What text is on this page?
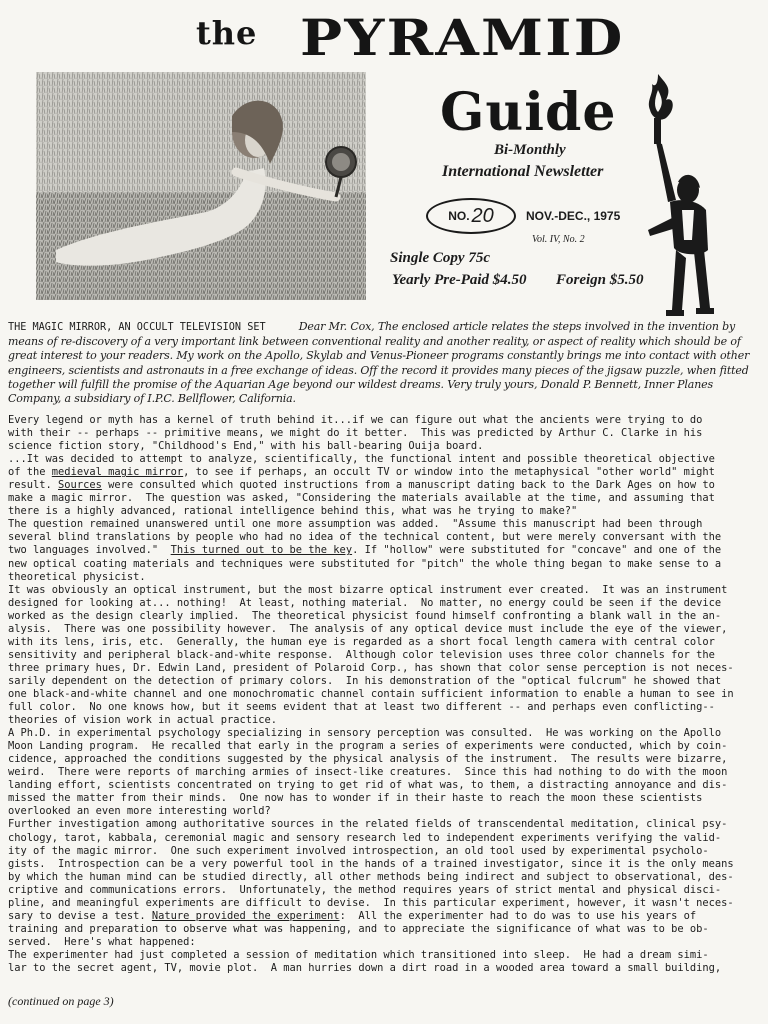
the PYRAMID
Guide
Bi-Monthly
International Newsletter
NO. 20	NOV.-DEC., 1975
Vol. IV, No. 2
Single Copy 75c
Yearly Pre-Paid $4.50 Foreign $5.50
THE MAGIC MIRROR, AN OCCULT TELEVISION SET	Dear Mr. Cox, The enclosed article relates the steps involved in the invention by means of re-discovery of a very important link between conventional reality and another reality, or aspect of reality which should be of great interest to your readers. My work on the Apollo, Skylab and Venus-Pioneer programs constantly brings me into contact with other engineers, scientists and astronauts in a free exchange of ideas. Off the record it provides many pieces of the jigsaw puzzle, when fitted together will fulfill the promise of the Aquarian Age beyond our wildest dreams. Very truly yours, Donald P. Bennett, Inner Planes Company, a subsidiary of I.P.C. Bellflower, California.
Every legend or myth has a kernel of truth behind it...if we can figure out what the ancients were trying to do
with their -- perhaps -- primitive means, we might do it better.  This was predicted by Arthur C. Clarke in his
science fiction story, "Childhood's End," with his ball-bearing Ouija board.
...It was decided to attempt to analyze, scientifically, the functional intent and possible theoretical objective
of the medieval magic mirror, to see if perhaps, an occult TV or window into the metaphysical "other world" might
result. Sources were consulted which quoted instructions from a manuscript dating back to the Dark Ages on how to
make a magic mirror.  The question was asked, "Considering the materials available at the time, and assuming that
there is a highly advanced, rational intelligence behind this, what was he trying to make?"
The question remained unanswered until one more assumption was added.  "Assume this manuscript had been through
several blind translations by people who had no idea of the technical content, but were merely conversant with the
two languages involved."  This turned out to be the key. If "hollow" were substituted for "concave" and one of the
new optical coating materials and techniques were substituted for "pitch" the whole thing began to make sense to a
theoretical physicist.
It was obviously an optical instrument, but the most bizarre optical instrument ever created.  It was an instrument
designed for looking at... nothing!  At least, nothing material.  No matter, no energy could be seen if the device
worked as the design clearly implied.  The theoretical physicist found himself confronting a blank wall in the an-
alysis.  There was one possibility however.  The analysis of any optical device must include the eye of the viewer,
with its lens, iris, etc.  Generally, the human eye is regarded as a short focal length camera with central color
sensitivity and peripheral black-and-white response.  Although color television uses three color channels for the
three primary hues, Dr. Edwin Land, president of Polaroid Corp., has shown that color sense perception is not neces-
sarily dependent on the detection of primary colors.  In his demonstration of the "optical fulcrum" he showed that
one black-and-white channel and one monochromatic channel contain sufficient information to enable a human to see in
full color.  No one knows how, but it seems evident that at least two different -- and perhaps even conflicting--
theories of vision work in actual practice.
A Ph.D. in experimental psychology specializing in sensory perception was consulted.  He was working on the Apollo
Moon Landing program.  He recalled that early in the program a series of experiments were conducted, which by coin-
cidence, approached the conditions suggested by the physical analysis of the instrument.  The results were bizarre,
weird.  There were reports of marching armies of insect-like creatures.  Since this had nothing to do with the moon
landing effort, scientists concentrated on trying to get rid of what was, to them, a distracting annoyance and dis-
missed the matter from their minds.  One now has to wonder if in their haste to reach the moon these scientists
overlooked an even more interesting world?
Further investigation among authoritative sources in the related fields of transcendental meditation, clinical psy-
chology, tarot, kabbala, ceremonial magic and sensory research led to independent experiments verifying the valid-
ity of the magic mirror.  One such experiment involved introspection, an old tool used by experimental psycholo-
gists.  Introspection can be a very powerful tool in the hands of a trained investigator, since it is the only means
by which the human mind can be studied directly, all other methods being indirect and subject to observational, des-
criptive and communications errors.  Unfortunately, the method requires years of strict mental and physical disci-
pline, and meaningful experiments are difficult to devise.  In this particular experiment, however, it wasn't neces-
sary to devise a test. Nature provided the experiment:  All the experimenter had to do was to use his years of
training and preparation to observe what was happening, and to appreciate the significance of what was to be ob-
served.  Here's what happened:
The experimenter had just completed a session of meditation which transitioned into sleep.  He had a dream simi-
lar to the secret agent, TV, movie plot.  A man hurries down a dirt road in a wooded area toward a small building,
(continued on page 3)
